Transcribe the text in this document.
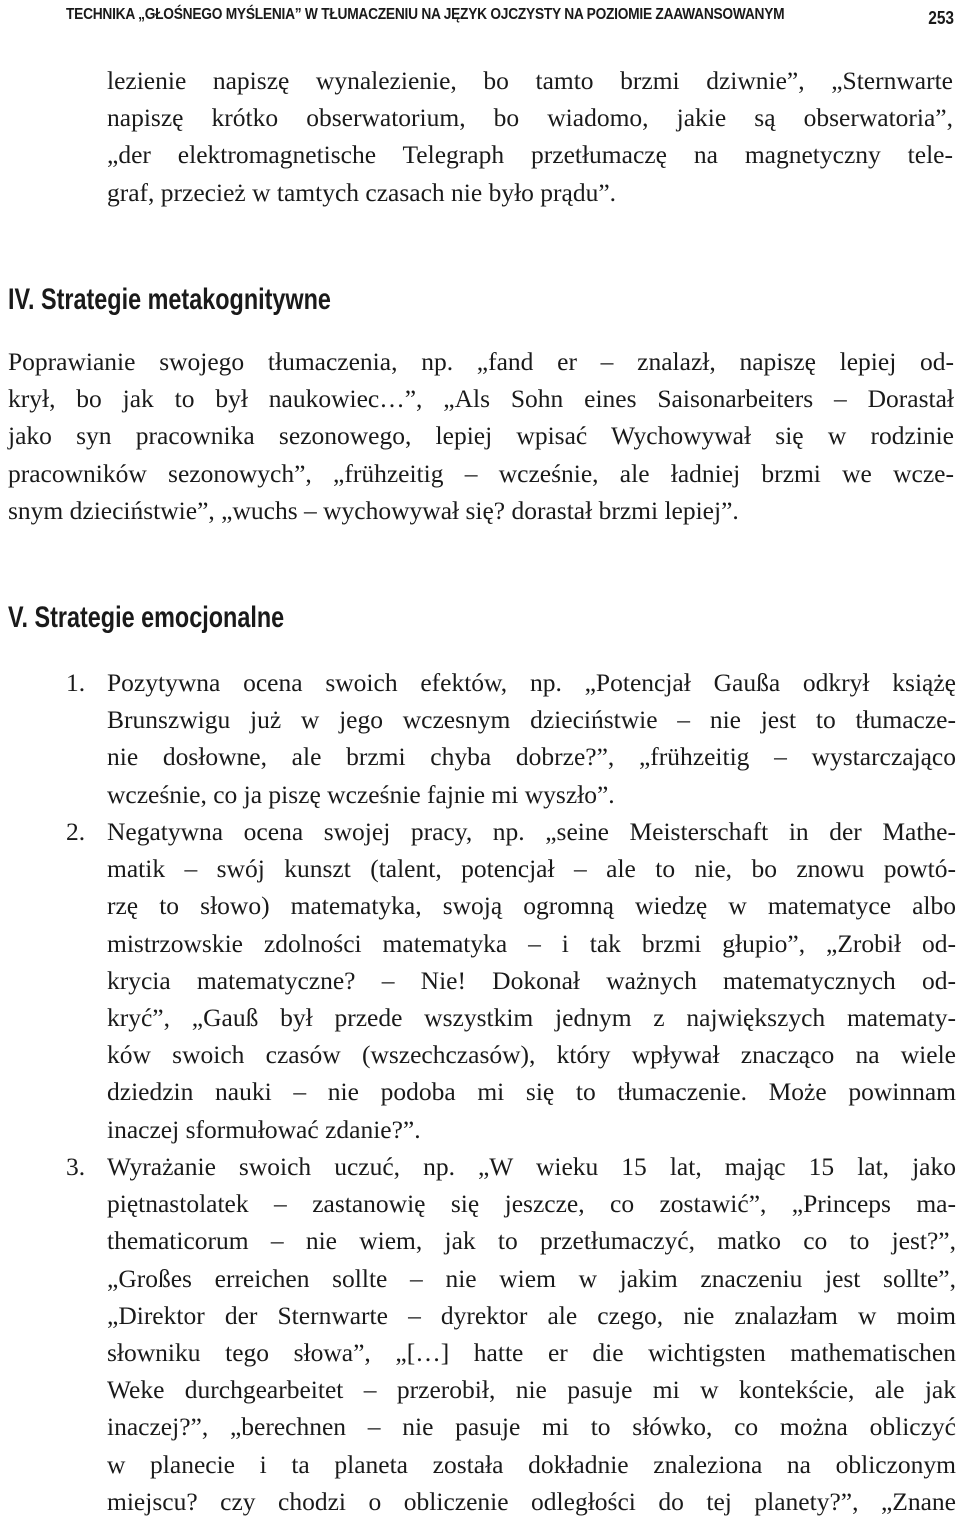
TECHNIKA „GŁOŚNEGO MYŚLENIA” W TŁUMACZENIU NA JĘZYK OJCZYSTY NA POZIOMIE ZAAWANSOWANYM	253
lezienie napiszę wynalezienie, bo tamto brzmi dziwnie”, „Sternwarte
napiszę krótko obserwatorium, bo wiadomo, jakie są obserwatoria”,
„der elektromagnetische Telegraph przetłumaczę na magnetyczny tele-
graf, przecież w tamtych czasach nie było prądu”.
IV. Strategie metakognitywne
Poprawianie swojego tłumaczenia, np. „fand er – znalazł, napiszę lepiej od-
krył, bo jak to był naukowiec…”, „Als Sohn eines Saisonarbeiters – Dorastał
jako syn pracownika sezonowego, lepiej wpisać Wychowywał się w rodzinie
pracowników sezonowych”, „frühzeitig – wcześnie, ale ładniej brzmi we wcze-
snym dzieciństwie”, „wuchs – wychowywał się? dorastał brzmi lepiej”.
V. Strategie emocjonalne
1. Pozytywna ocena swoich efektów, np. „Potencjał Gaußa odkrył książę
Brunszwigu już w jego wczesnym dzieciństwie – nie jest to tłumacze-
nie dosłowne, ale brzmi chyba dobrze?”, „frühzeitig – wystarczająco
wcześnie, co ja piszę wcześnie fajnie mi wyszło”.
2. Negatywna ocena swojej pracy, np. „seine Meisterschaft in der Mathe-
matik – swój kunszt (talent, potencjał – ale to nie, bo znowu powtó-
rzę to słowo) matematyka, swoją ogromną wiedzę w matematyce albo
mistrzowskie zdolności matematyka – i tak brzmi głupio”, „Zrobił od-
krycia matematyczne? – Nie! Dokonał ważnych matematycznych od-
kryć”, „Gauß był przede wszystkim jednym z największych matematy-
ków swoich czasów (wszechczasów), który wpływał znacząco na wiele
dziedzin nauki – nie podoba mi się to tłumaczenie. Może powinnam
inaczej sformułować zdanie?”.
3. Wyrażanie swoich uczuć, np. „W wieku 15 lat, mając 15 lat, jako
piętnastolatek – zastanowię się jeszcze, co zostawić”, „Princeps ma-
thematicorum – nie wiem, jak to przetłumaczyć, matko co to jest?”,
„Großes erreichen sollte – nie wiem w jakim znaczeniu jest sollte”,
„Direktor der Sternwarte – dyrektor ale czego, nie znalazłam w moim
słowniku tego słowa”, „[…] hatte er die wichtigsten mathematischen
Weke durchgearbeitet – przerobił, nie pasuje mi w kontekście, ale jak
inaczej?”, „berechnen – nie pasuje mi to słówko, co można obliczyć
w planecie i ta planeta została dokładnie znaleziona na obliczonym
miejscu? czy chodzi o obliczenie odległości do tej planety?”, „Znane
